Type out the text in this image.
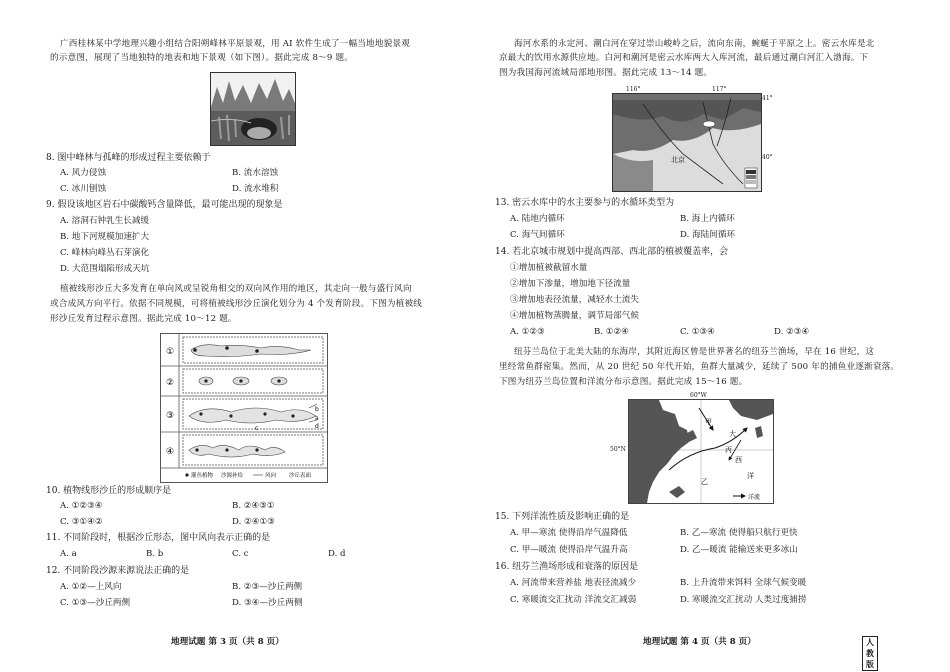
广西桂林某中学地理兴趣小组结合阳朔峰林平原景观，用 AI 软件生成了一幅当地地貌景观
的示意图，展现了当地独特的地表和地下景观（如下图）。据此完成 8～9 题。
8. 图中峰林与孤峰的形成过程主要依赖于
A. 风力侵蚀	B. 流水溶蚀
C. 冰川刨蚀	D. 流水堆积
9. 假设该地区岩石中碳酸钙含量降低，最可能出现的现象是
A. 溶洞石钟乳生长减缓
B. 地下河规模加速扩大
C. 峰林向峰丛石芽演化
D. 大范围塌陷形成天坑
植被线形沙丘大多发育在单向风或呈锐角相交的双向风作用的地区，其走向一般与盛行风向
或合成风方向平行。依据不同规模，可将植被线形沙丘演化划分为 4 个发育阶段。下图为植被线
形沙丘发育过程示意图。据此完成 10～12 题。
①
②
③
④
b
a
d
c
灌丛植物 沙源补给	风向 沙丘表面
10. 植物线形沙丘的形成顺序是
A. ①②③④	B. ②④③①
C. ③①④②	D. ②④①③
11. 不同阶段时，根据沙丘形态，图中风向表示正确的是
A. a	B. b	C. c	D. d
12. 不同阶段沙源来源说法正确的是
A. ①②—上风向	B. ②③—沙丘两侧
C. ①③—沙丘两侧	D. ③④—沙丘两侧
地理试题 第 3 页（共 8 页）
海河水系的永定河、潮白河在穿过崇山峻岭之后，流向东南，蜿蜒于平原之上。密云水库是北
京最大的饮用水源供应地。白河和潮河是密云水库两大入库河流，最后通过潮白河汇入渤海。下
图为我国海河流域局部地形图。据此完成 13～14 题。
北京
116°	117°
41°
40°
13. 密云水库中的水主要参与的水循环类型为
A. 陆地内循环	B. 海上内循环
C. 海气间循环	D. 海陆间循环
14. 若北京城市规划中提高西部、西北部的植被覆盖率，会
①增加植被截留水量
②增加下渗量，增加地下径流量
③增加地表径流量，减轻水土流失
④增加植物蒸腾量，调节局部气候
A. ①②③	B. ①②④	C. ①③④	D. ②③④
纽芬兰岛位于北美大陆的东海岸，其附近海区曾是世界著名的纽芬兰渔场，早在 16 世纪，这
里经常鱼群密集。然而，从 20 世纪 50 年代开始，鱼群大量减少，延续了 500 年的捕鱼业逐渐衰落。
下图为纽芬兰岛位置和洋流分布示意图。据此完成 15～16 题。
甲
乙
丙
大
西
洋
洋流
60°W
50°N
15. 下列洋流性质及影响正确的是
A. 甲—寒流 使得沿岸气温降低	B. 乙—寒流 使得船只航行更快
C. 甲—暖流 使得沿岸气温升高	D. 乙—暖流 能输送来更多冰山
16. 纽芬兰渔场形成和衰落的原因是
A. 河流带来营养盐 地表径流减少	B. 上升流带来饵料 全球气候变暖
C. 寒暖流交汇扰动 洋流交汇减弱	D. 寒暖流交汇扰动 人类过度捕捞
地理试题 第 4 页（共 8 页）	人教版
